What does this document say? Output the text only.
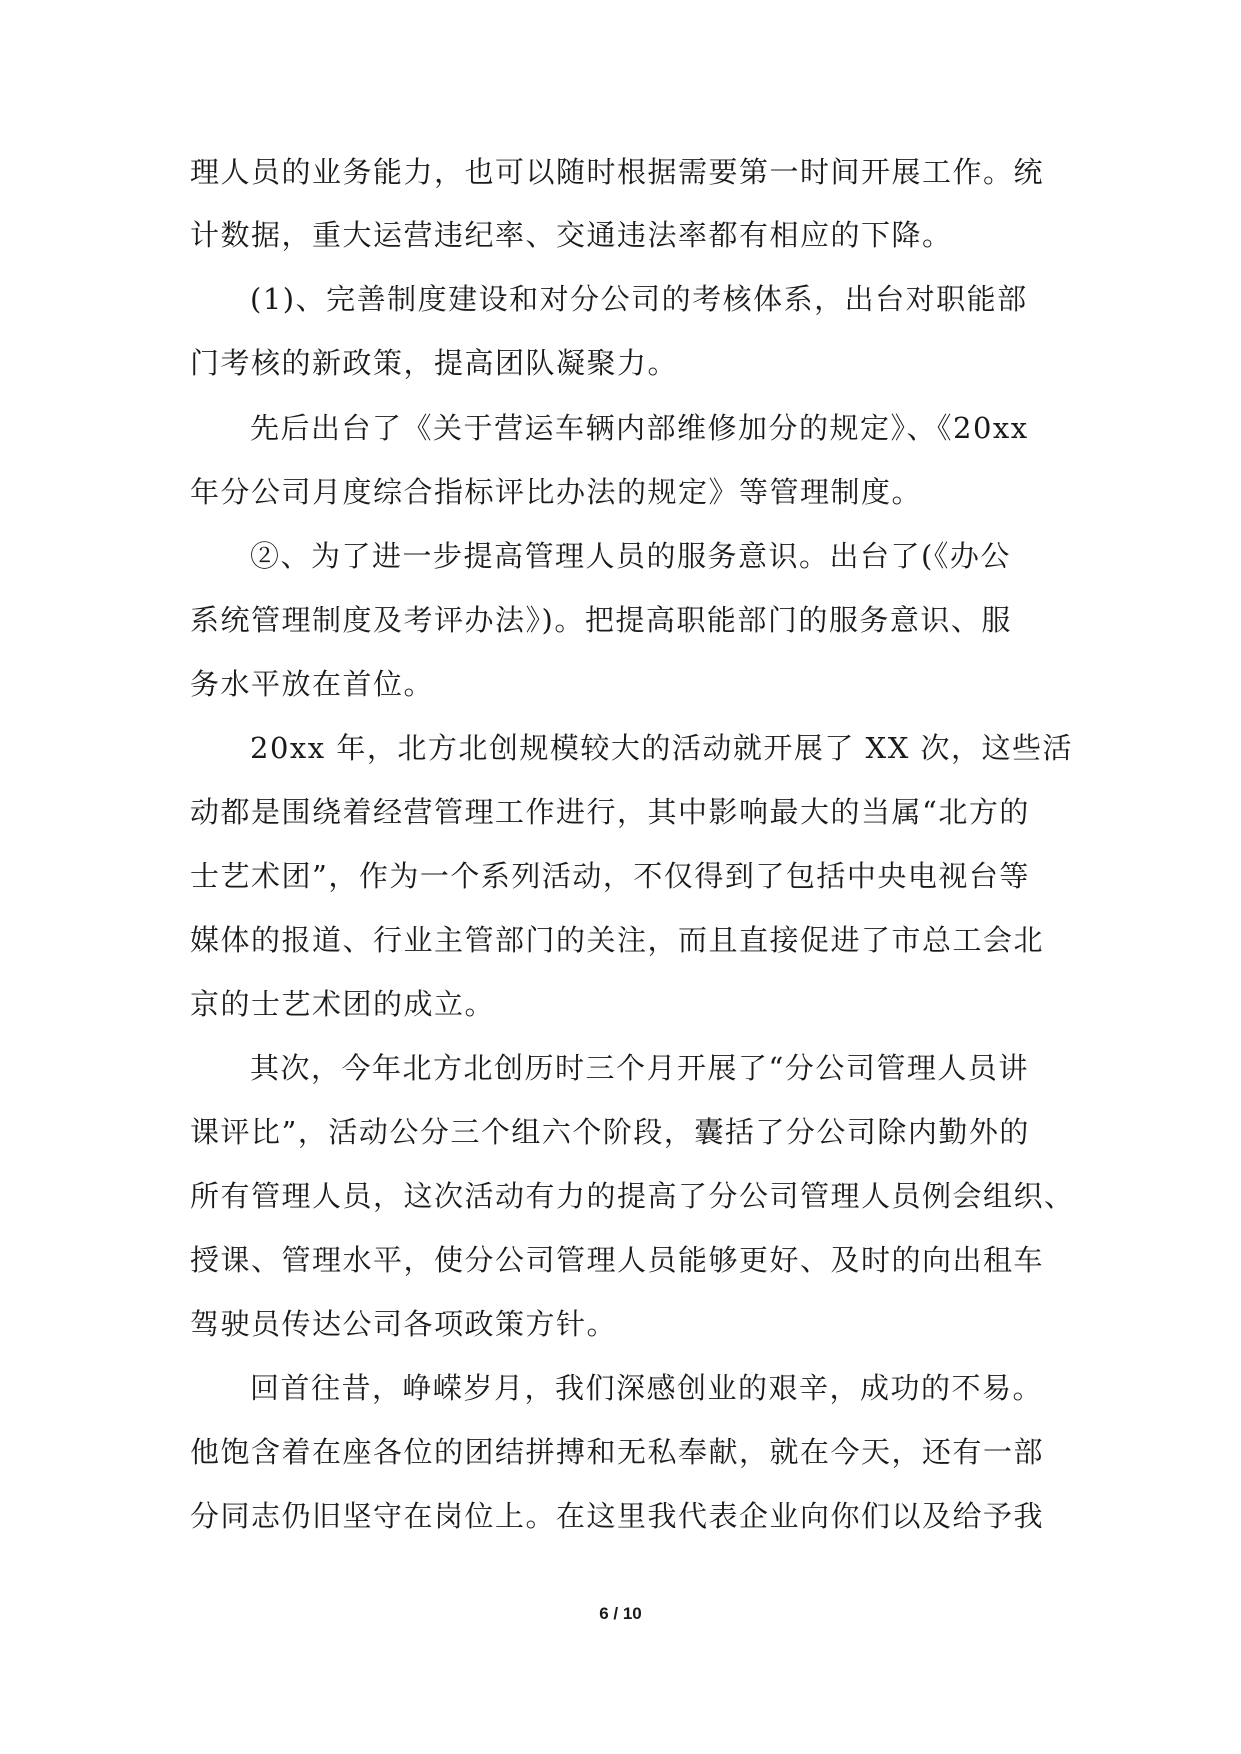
理人员的业务能力，也可以随时根据需要第一时间开展工作。统
计数据，重大运营违纪率、交通违法率都有相应的下降。
(1)、完善制度建设和对分公司的考核体系，出台对职能部
门考核的新政策，提高团队凝聚力。
先后出台了《关于营运车辆内部维修加分的规定》、《20xx
年分公司月度综合指标评比办法的规定》等管理制度。
②、为了进一步提高管理人员的服务意识。出台了(《办公
系统管理制度及考评办法》)。把提高职能部门的服务意识、服
务水平放在首位。
20xx 年，北方北创规模较大的活动就开展了 XX 次，这些活
动都是围绕着经营管理工作进行，其中影响最大的当属“北方的
士艺术团”，作为一个系列活动，不仅得到了包括中央电视台等
媒体的报道、行业主管部门的关注，而且直接促进了市总工会北
京的士艺术团的成立。
其次，今年北方北创历时三个月开展了“分公司管理人员讲
课评比”，活动公分三个组六个阶段，囊括了分公司除内勤外的
所有管理人员，这次活动有力的提高了分公司管理人员例会组织、
授课、管理水平，使分公司管理人员能够更好、及时的向出租车
驾驶员传达公司各项政策方针。
回首往昔，峥嵘岁月，我们深感创业的艰辛，成功的不易。
他饱含着在座各位的团结拼搏和无私奉献，就在今天，还有一部
分同志仍旧坚守在岗位上。在这里我代表企业向你们以及给予我
6 / 10
